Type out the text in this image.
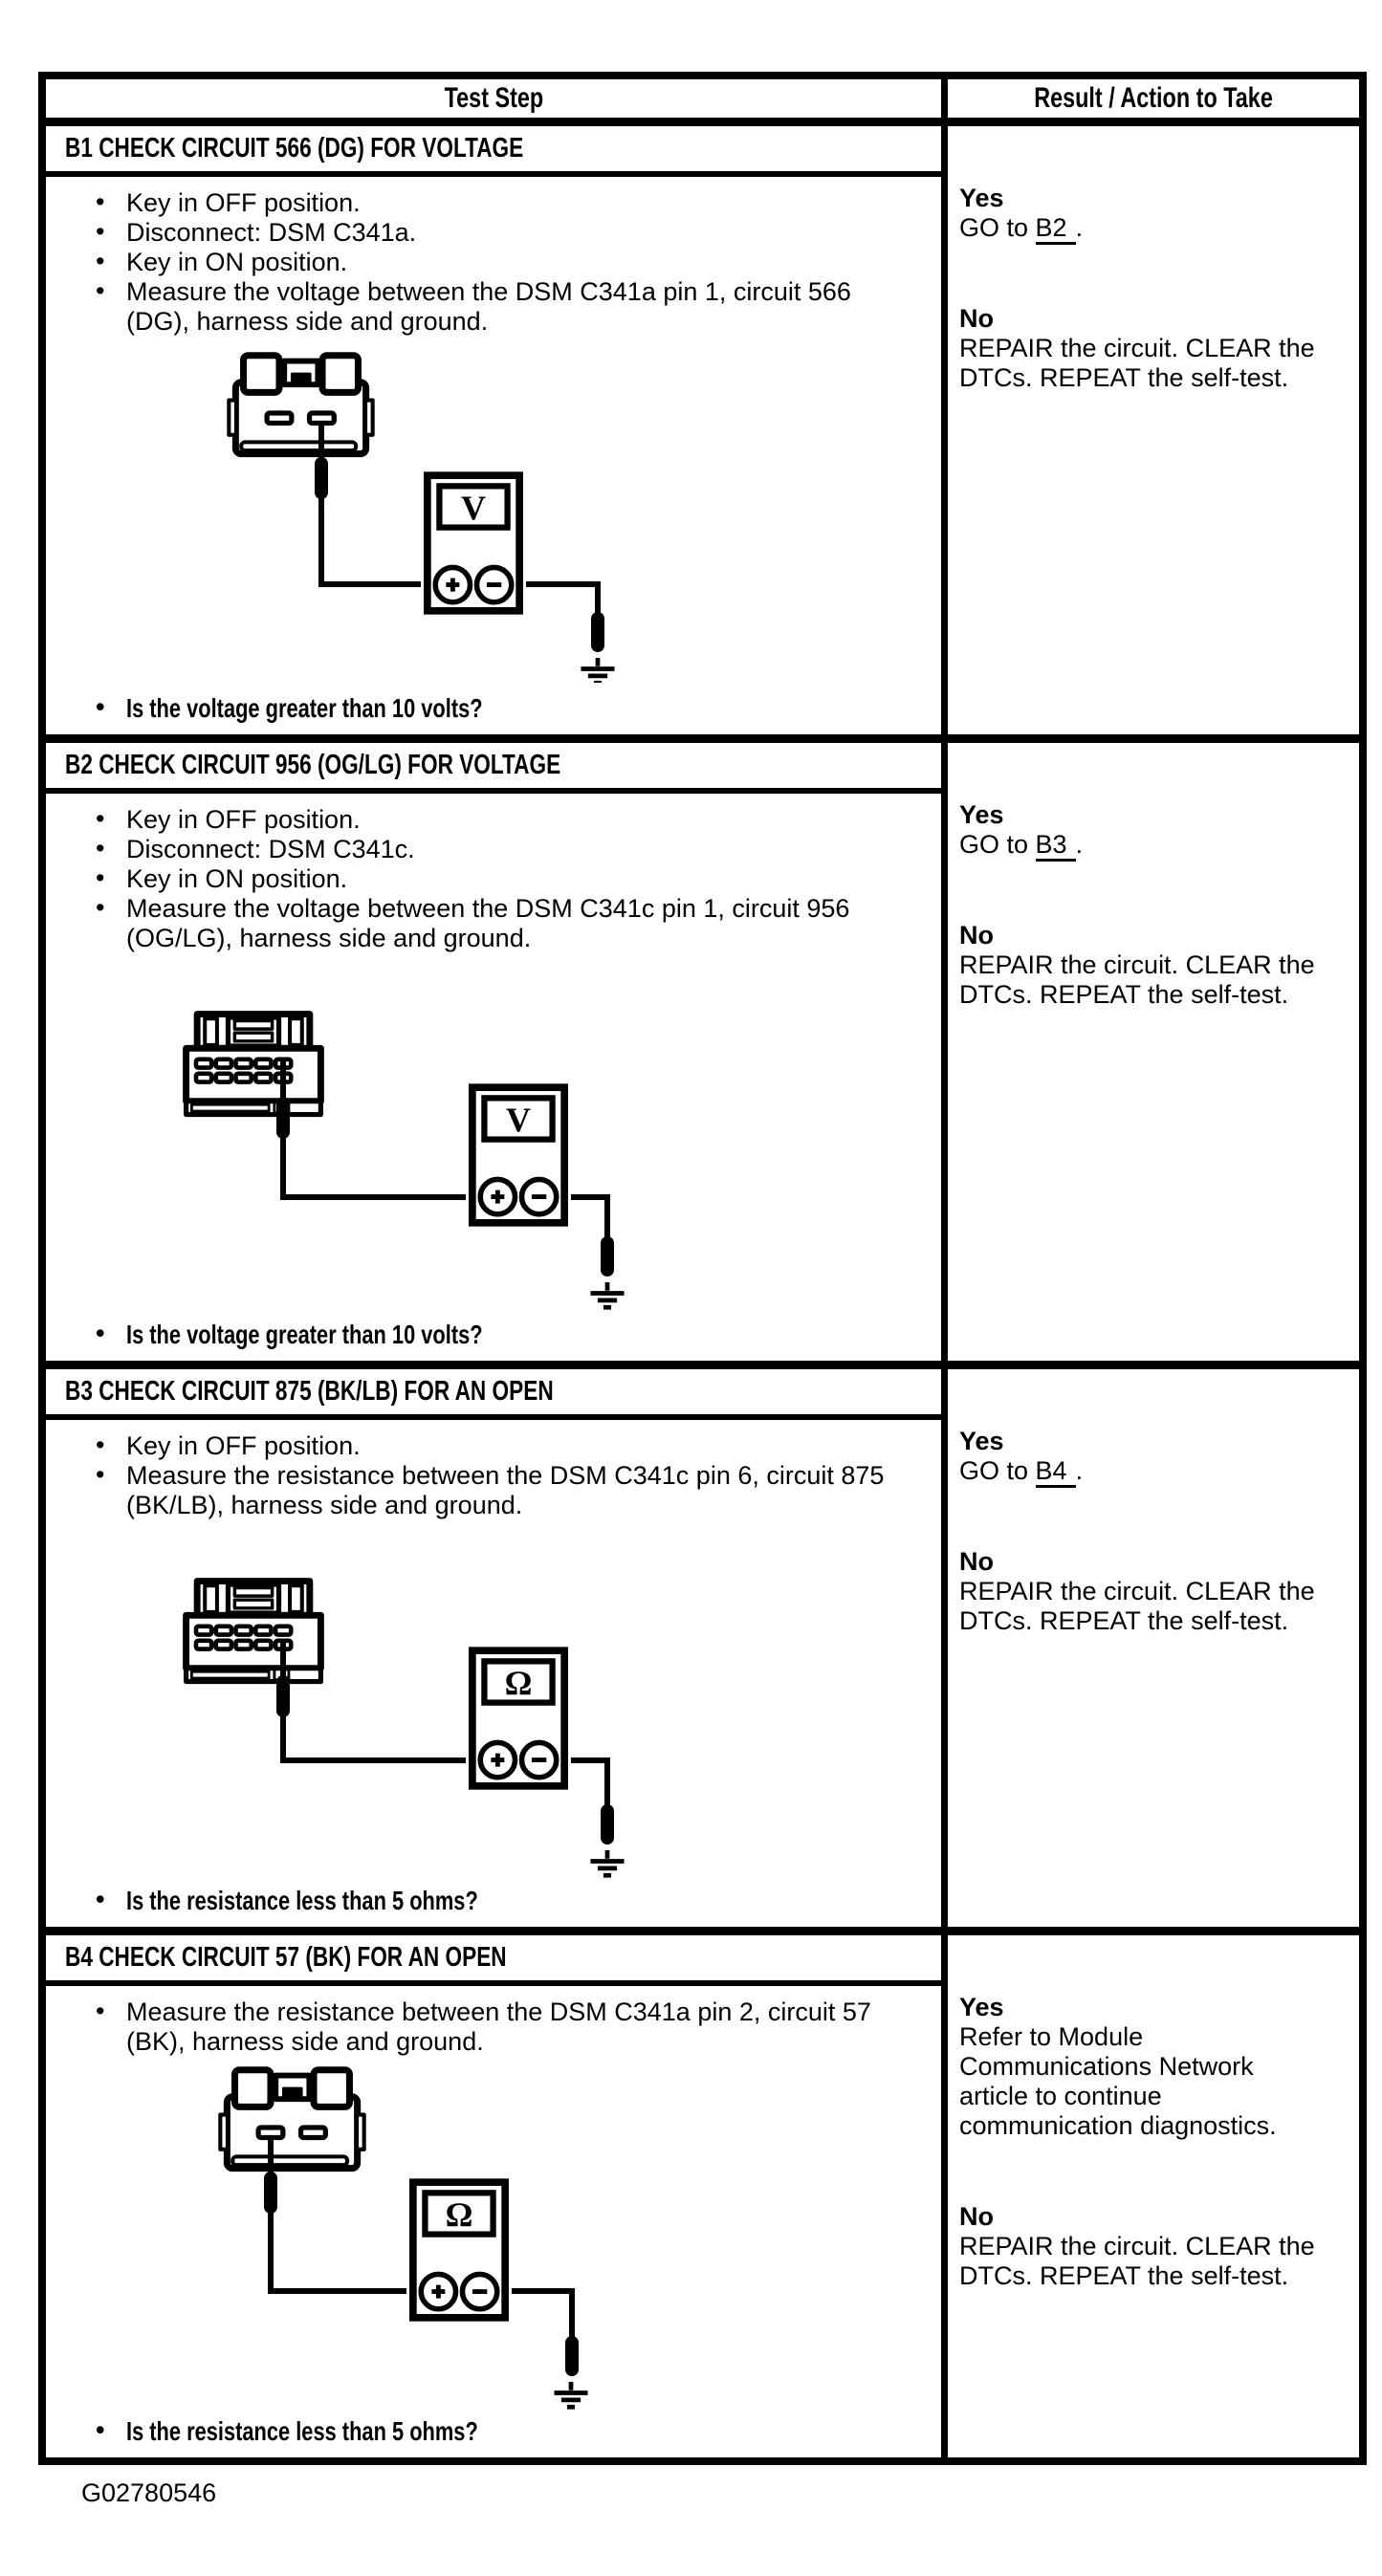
Test Step	Result / Action to Take
B1 CHECK CIRCUIT 566 (DG) FOR VOLTAGE
• Key in OFF position.
• Disconnect: DSM C341a.
• Key in ON position.
• Measure the voltage between the DSM C341a pin 1, circuit 566 (DG), harness side and ground.
V
• Is the voltage greater than 10 volts?
Yes
GO to B2 .
No
REPAIR the circuit. CLEAR the DTCs. REPEAT the self-test.
B2 CHECK CIRCUIT 956 (OG/LG) FOR VOLTAGE
• Key in OFF position.
• Disconnect: DSM C341c.
• Key in ON position.
• Measure the voltage between the DSM C341c pin 1, circuit 956 (OG/LG), harness side and ground.
V
• Is the voltage greater than 10 volts?
Yes
GO to B3 .
No
REPAIR the circuit. CLEAR the DTCs. REPEAT the self-test.
B3 CHECK CIRCUIT 875 (BK/LB) FOR AN OPEN
• Key in OFF position.
• Measure the resistance between the DSM C341c pin 6, circuit 875 (BK/LB), harness side and ground.
Ω
• Is the resistance less than 5 ohms?
Yes
GO to B4 .
No
REPAIR the circuit. CLEAR the DTCs. REPEAT the self-test.
B4 CHECK CIRCUIT 57 (BK) FOR AN OPEN
• Measure the resistance between the DSM C341a pin 2, circuit 57 (BK), harness side and ground.
Ω
• Is the resistance less than 5 ohms?
Yes
Refer to Module Communications Network article to continue communication diagnostics.
No
REPAIR the circuit. CLEAR the DTCs. REPEAT the self-test.
G02780546
